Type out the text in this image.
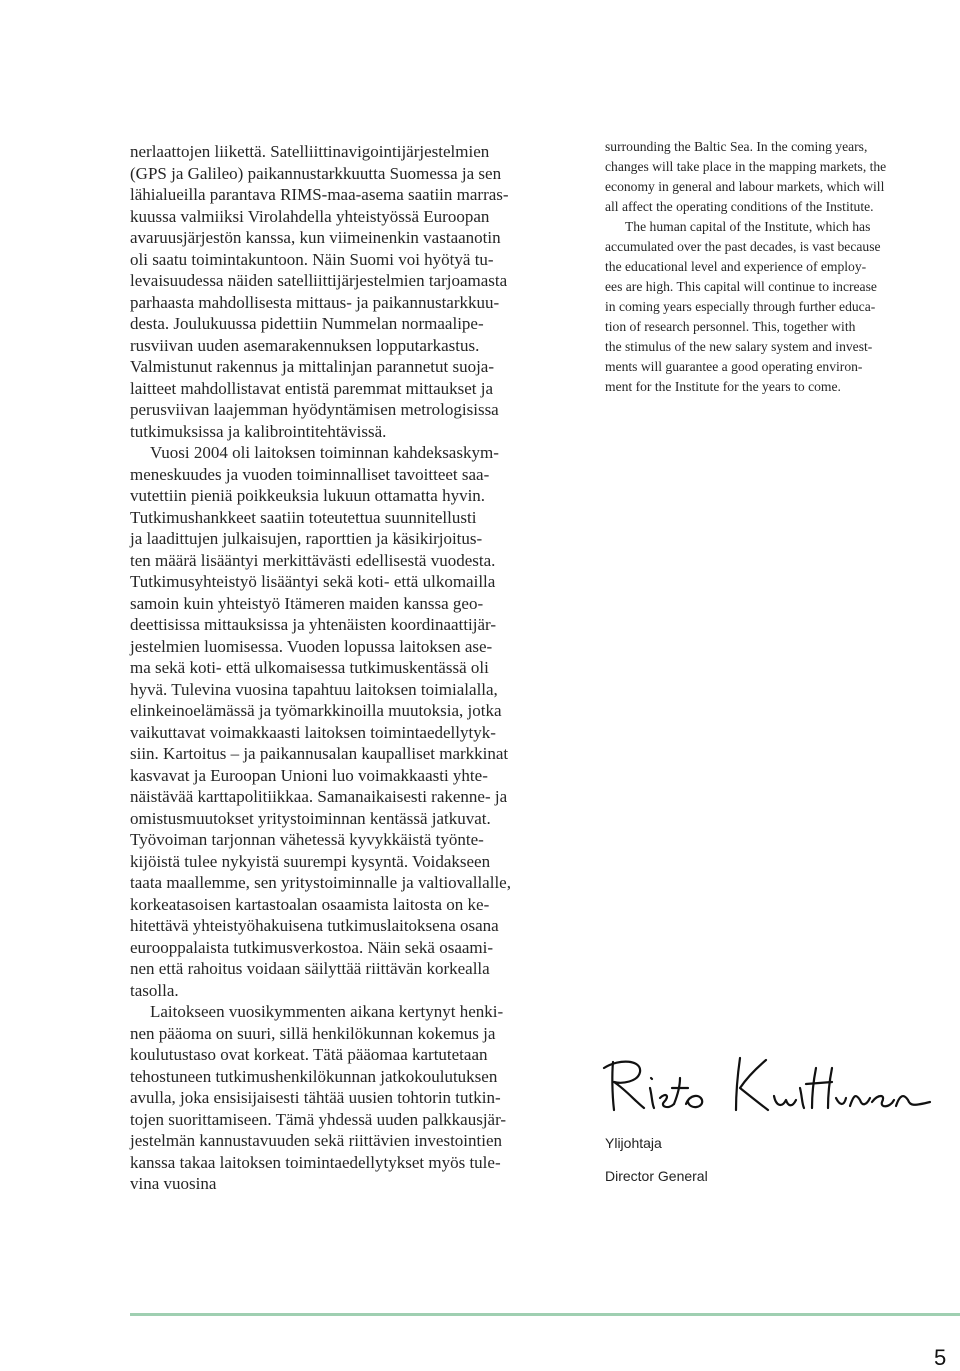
nerlaattojen liikettä. Satelliittinavigointijärjestelmien
(GPS ja Galileo) paikannustarkkuutta Suomessa ja sen
lähialueilla parantava RIMS-maa-asema saatiin marras-
kuussa valmiiksi Virolahdella yhteistyössä Euroopan
avaruusjärjestön kanssa, kun viimeinenkin vastaanotin
oli saatu toimintakuntoon. Näin Suomi voi hyötyä tu-
levaisuudessa näiden satelliittijärjestelmien tarjoamasta
parhaasta mahdollisesta mittaus- ja paikannustarkkuu-
desta. Joulukuussa pidettiin Nummelan normaalipe-
rusviivan uuden asemarakennuksen lopputarkastus.
Valmistunut rakennus ja mittalinjan parannetut suoja-
laitteet mahdollistavat entistä paremmat mittaukset ja
perusviivan laajemman hyödyntämisen metrologisissa
tutkimuksissa ja kalibrointitehtävissä.
Vuosi 2004 oli laitoksen toiminnan kahdeksaskym-
meneskuudes ja vuoden toiminnalliset tavoitteet saa-
vutettiin pieniä poikkeuksia lukuun ottamatta hyvin.
Tutkimushankkeet saatiin toteutettua suunnitellusti
ja laadittujen julkaisujen, raporttien ja käsikirjoitus-
ten määrä lisääntyi merkittävästi edellisestä vuodesta.
Tutkimusyhteistyö lisääntyi sekä koti- että ulkomailla
samoin kuin yhteistyö Itämeren maiden kanssa geo-
deettisissa mittauksissa ja yhtenäisten koordinaattijär-
jestelmien luomisessa. Vuoden lopussa laitoksen ase-
ma sekä koti- että ulkomaisessa tutkimuskentässä oli
hyvä. Tulevina vuosina tapahtuu laitoksen toimialalla,
elinkeinoelämässä ja työmarkkinoilla muutoksia, jotka
vaikuttavat voimakkaasti laitoksen toimintaedellytyk-
siin. Kartoitus – ja paikannusalan kaupalliset markkinat
kasvavat ja Euroopan Unioni luo voimakkaasti yhte-
näistävää karttapolitiikkaa. Samanaikaisesti rakenne- ja
omistusmuutokset yritystoiminnan kentässä jatkuvat.
Työvoiman tarjonnan vähetessä kyvykkäistä työnte-
kijöistä tulee nykyistä suurempi kysyntä. Voidakseen
taata maallemme, sen yritystoiminnalle ja valtiovallalle,
korkeatasoisen kartastoalan osaamista laitosta on ke-
hitettävä yhteistyöhakuisena tutkimuslaitoksena osana
eurooppalaista tutkimusverkostoa. Näin sekä osaami-
nen että rahoitus voidaan säilyttää riittävän korkealla
tasolla.
Laitokseen vuosikymmenten aikana kertynyt henki-
nen pääoma on suuri, sillä henkilökunnan kokemus ja
koulutustaso ovat korkeat. Tätä pääomaa kartutetaan
tehostuneen tutkimushenkilökunnan jatkokoulutuksen
avulla, joka ensisijaisesti tähtää uusien tohtorin tutkin-
tojen suorittamiseen. Tämä yhdessä uuden palkkausjär-
jestelmän kannustavuuden sekä riittävien investointien
kanssa takaa laitoksen toimintaedellytykset myös tule-
vina vuosina
surrounding the Baltic Sea. In the coming years,
changes will take place in the mapping markets, the
economy in general and labour markets, which will
all affect the operating conditions of the Institute.
The human capital of the Institute, which has
accumulated over the past decades, is vast because
the educational level and experience of employ-
ees are high. This capital will continue to increase
in coming years especially through further educa-
tion of research personnel. This, together with
the stimulus of the new salary system and invest-
ments will guarantee a good operating environ-
ment for the Institute for the years to come.
Ylijohtaja
Director General
5
